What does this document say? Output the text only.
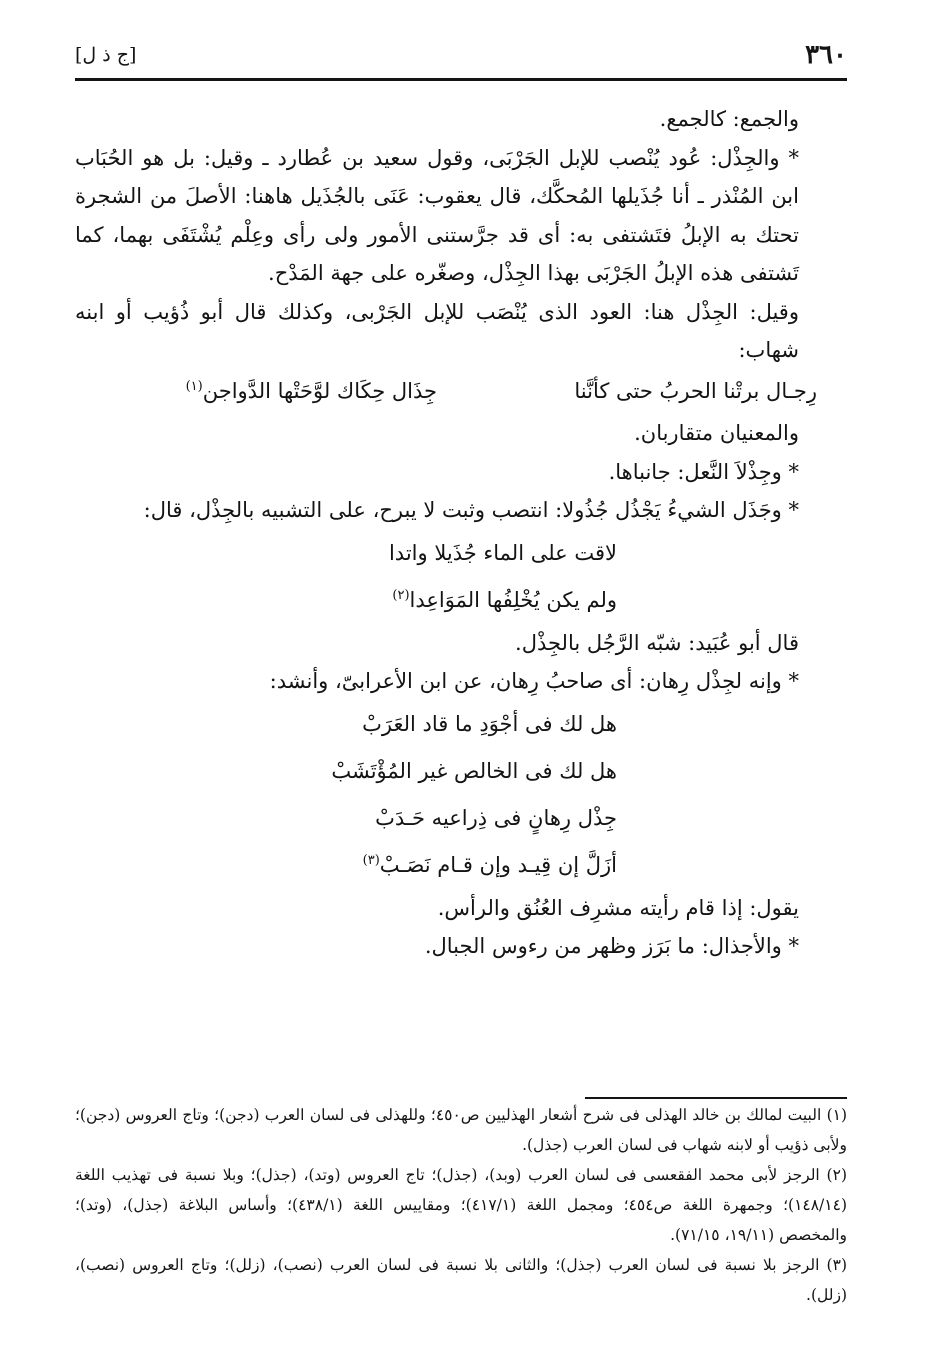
٣٦٠
[ج ذ ل]

والجمع: كالجمع.

* والجِذْل: عُود يُنْصب للإبل الجَرْبَى، وقول سعيد بن عُطارد ـ وقيل: بل هو الحُبَاب ابن المُنْذر ـ أنا جُذَيلها المُحكَّك، قال يعقوب: عَنَى بالجُذَيل هاهنا: الأصلَ من الشجرة تحتك به الإبلُ فتَشتفى به: أى قد جرَّستنى الأمور ولى رأى وعِلْم يُشْتَفَى بهما، كما تَشتفى هذه الإبلُ الجَرْبَى بهذا الجِذْل، وصغّره على جهة المَدْح.

وقيل: الجِذْل هنا: العود الذى يُنْصَب للإبل الجَرْبى، وكذلك قال أبو ذُؤيب أو ابنه شهاب:

رِجـال برتْنا الحربُ حتى كأنَّنا
جِذَال حِكَاك لوَّحَتْها الدَّواجن$^{(١)}$

والمعنيان متقاربان.

* وجِذْلاَ النَّعل: جانباها.

* وجَذَل الشيءُ يَجْذُل جُذُولا: انتصب وثبت لا يبرح، على التشبيه بالجِذْل، قال:

لاقت على الماء جُذَيلا واتدا

ولم يكن يُخْلِفُها المَوَاعِدا$^{(٢)}$

قال أبو عُبَيد: شبّه الرَّجُل بالجِذْل.

* وإنه لجِذْل رِهان: أى صاحبُ رِهان، عن ابن الأعرابىّ، وأنشد:

هل لك فى أجْوَدِ ما قاد العَرَبْ

هل لك فى الخالص غير المُؤْتَشَبْ

جِذْل رِهانٍ فى ذِراعيه حَـدَبْ

أزَلَّ إن قِيـد وإن قـام نَصَـبْ$^{(٣)}$

يقول: إذا قام رأيته مشرِف العُنُق والرأس.

* والأجذال: ما بَرَز وظهر من رءوس الجبال.

(١) البيت لمالك بن خالد الهذلى فى شرح أشعار الهذليين ص٤٥٠؛ وللهذلى فى لسان العرب (دجن)؛ وتاج العروس (دجن)؛ ولأبى ذؤيب أو لابنه شهاب فى لسان العرب (جذل).

(٢) الرجز لأبى محمد الفقعسى فى لسان العرب (وبد)، (جذل)؛ تاج العروس (وتد)، (جذل)؛ وبلا نسبة فى تهذيب اللغة (١٤٨/١٤)؛ وجمهرة اللغة ص٤٥٤؛ ومجمل اللغة (٤١٧/١)؛ ومقاييس اللغة (٤٣٨/١)؛ وأساس البلاغة (جذل)، (وتد)؛ والمخصص (١٩/١١، ٧١/١٥).

(٣) الرجز بلا نسبة فى لسان العرب (جذل)؛ والثانى بلا نسبة فى لسان العرب (نصب)، (زلل)؛ وتاج العروس (نصب)، (زلل).
